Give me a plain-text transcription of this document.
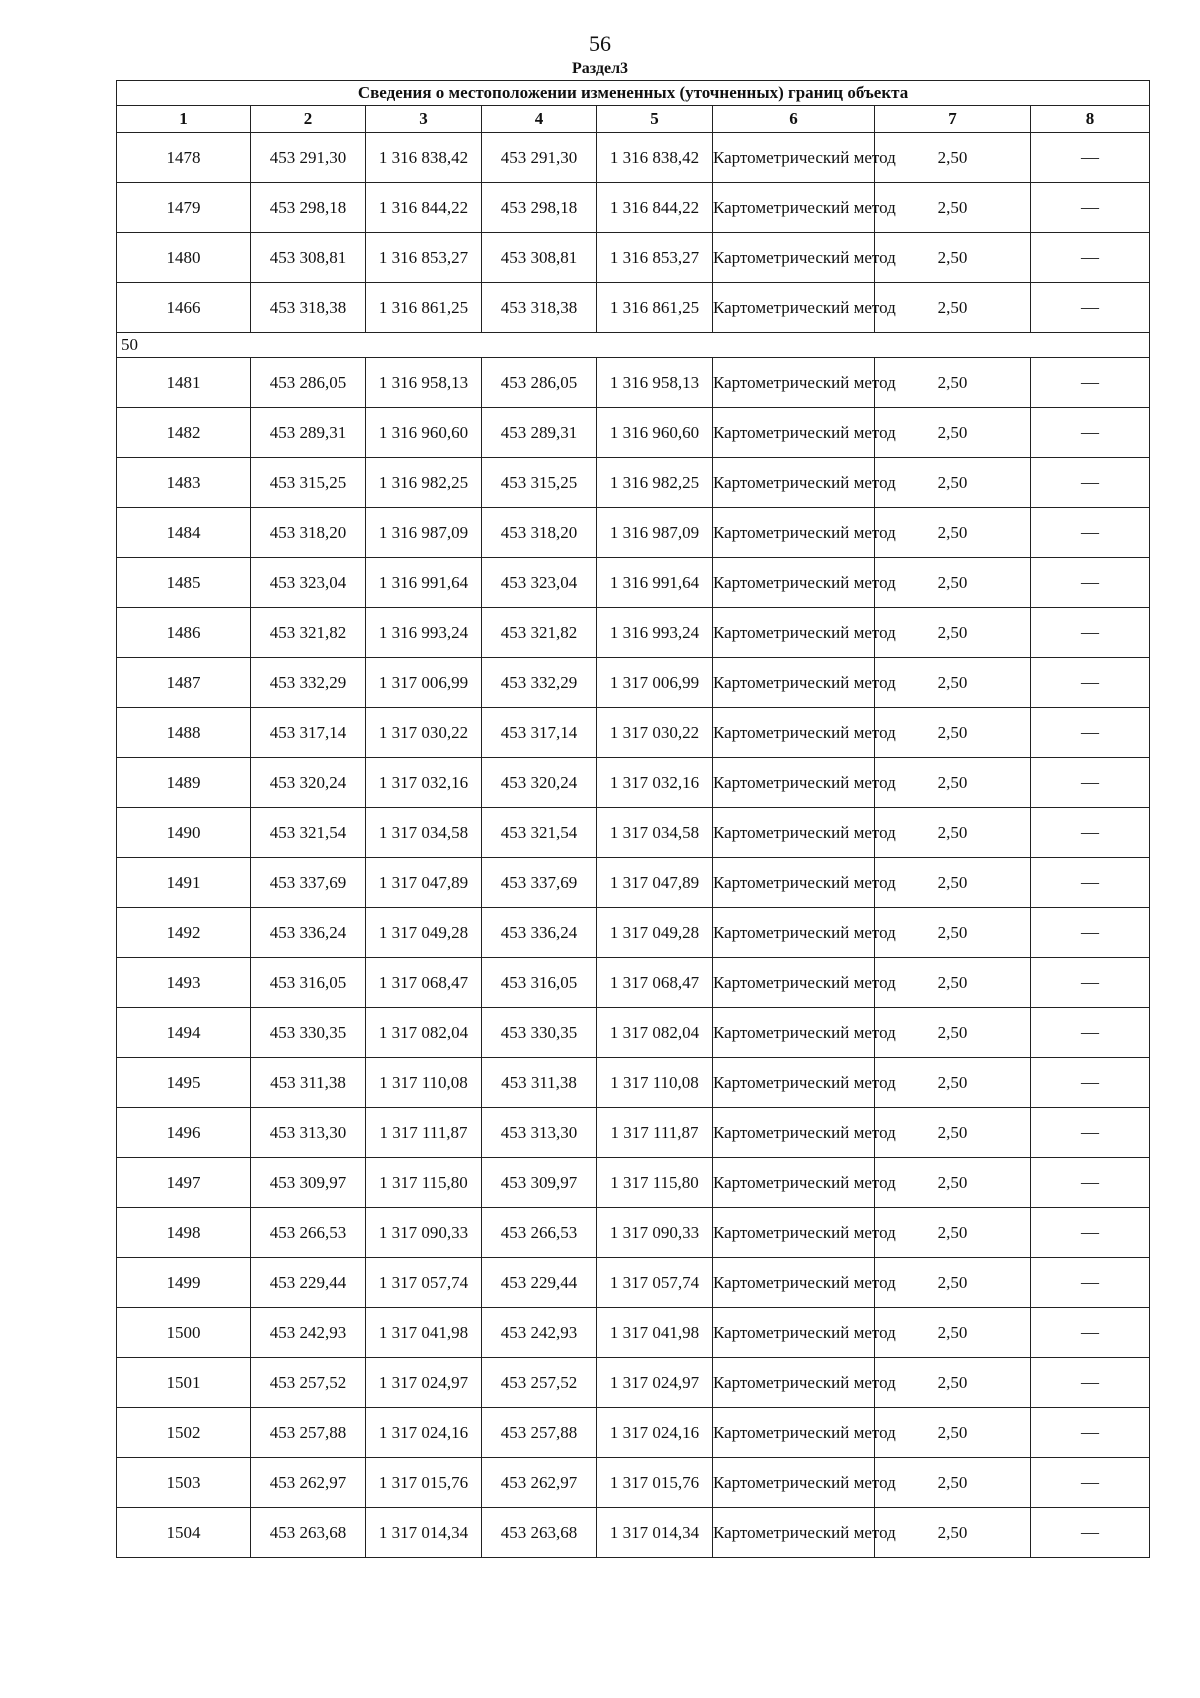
56
Раздел3
Сведения о местоположении измененных (уточненных) границ объекта							
1	2	3	4	5	6	7	8
1478	453 291,30	1 316 838,42	453 291,30	1 316 838,42	Картометрический метод	2,50	—
1479	453 298,18	1 316 844,22	453 298,18	1 316 844,22	Картометрический метод	2,50	—
1480	453 308,81	1 316 853,27	453 308,81	1 316 853,27	Картометрический метод	2,50	—
1466	453 318,38	1 316 861,25	453 318,38	1 316 861,25	Картометрический метод	2,50	—
50							
1481	453 286,05	1 316 958,13	453 286,05	1 316 958,13	Картометрический метод	2,50	—
1482	453 289,31	1 316 960,60	453 289,31	1 316 960,60	Картометрический метод	2,50	—
1483	453 315,25	1 316 982,25	453 315,25	1 316 982,25	Картометрический метод	2,50	—
1484	453 318,20	1 316 987,09	453 318,20	1 316 987,09	Картометрический метод	2,50	—
1485	453 323,04	1 316 991,64	453 323,04	1 316 991,64	Картометрический метод	2,50	—
1486	453 321,82	1 316 993,24	453 321,82	1 316 993,24	Картометрический метод	2,50	—
1487	453 332,29	1 317 006,99	453 332,29	1 317 006,99	Картометрический метод	2,50	—
1488	453 317,14	1 317 030,22	453 317,14	1 317 030,22	Картометрический метод	2,50	—
1489	453 320,24	1 317 032,16	453 320,24	1 317 032,16	Картометрический метод	2,50	—
1490	453 321,54	1 317 034,58	453 321,54	1 317 034,58	Картометрический метод	2,50	—
1491	453 337,69	1 317 047,89	453 337,69	1 317 047,89	Картометрический метод	2,50	—
1492	453 336,24	1 317 049,28	453 336,24	1 317 049,28	Картометрический метод	2,50	—
1493	453 316,05	1 317 068,47	453 316,05	1 317 068,47	Картометрический метод	2,50	—
1494	453 330,35	1 317 082,04	453 330,35	1 317 082,04	Картометрический метод	2,50	—
1495	453 311,38	1 317 110,08	453 311,38	1 317 110,08	Картометрический метод	2,50	—
1496	453 313,30	1 317 111,87	453 313,30	1 317 111,87	Картометрический метод	2,50	—
1497	453 309,97	1 317 115,80	453 309,97	1 317 115,80	Картометрический метод	2,50	—
1498	453 266,53	1 317 090,33	453 266,53	1 317 090,33	Картометрический метод	2,50	—
1499	453 229,44	1 317 057,74	453 229,44	1 317 057,74	Картометрический метод	2,50	—
1500	453 242,93	1 317 041,98	453 242,93	1 317 041,98	Картометрический метод	2,50	—
1501	453 257,52	1 317 024,97	453 257,52	1 317 024,97	Картометрический метод	2,50	—
1502	453 257,88	1 317 024,16	453 257,88	1 317 024,16	Картометрический метод	2,50	—
1503	453 262,97	1 317 015,76	453 262,97	1 317 015,76	Картометрический метод	2,50	—
1504	453 263,68	1 317 014,34	453 263,68	1 317 014,34	Картометрический метод	2,50	—
